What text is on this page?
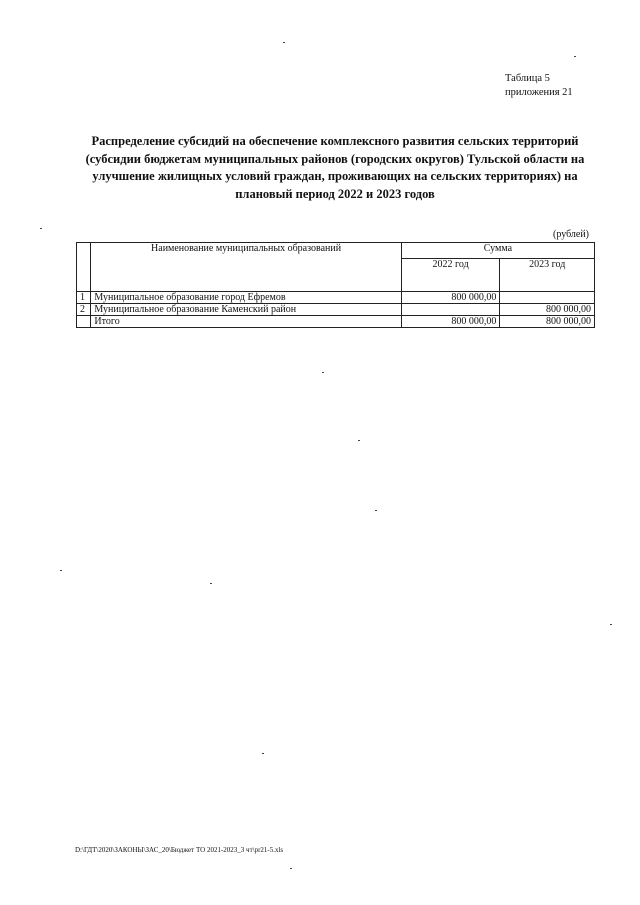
Таблица 5
приложения 21
Распределение субсидий на обеспечение комплексного развития сельских территорий
(субсидии бюджетам муниципальных районов (городских округов) Тульской области на
улучшение жилищных условий граждан, проживающих на сельских территориях) на
плановый период 2022 и 2023 годов
(рублей)
	Наименование муниципальных образований	Сумма	
		2022 год	2023 год
1	Муниципальное образование город Ефремов	800 000,00	
2	Муниципальное образование Каменский район		800 000,00
	Итого	800 000,00	800 000,00
D:\ГДТ\2020\ЗАКОНЫ\ЗАС_20\Бюджет ТО 2021-2023_3 чт\pr21-5.xls
